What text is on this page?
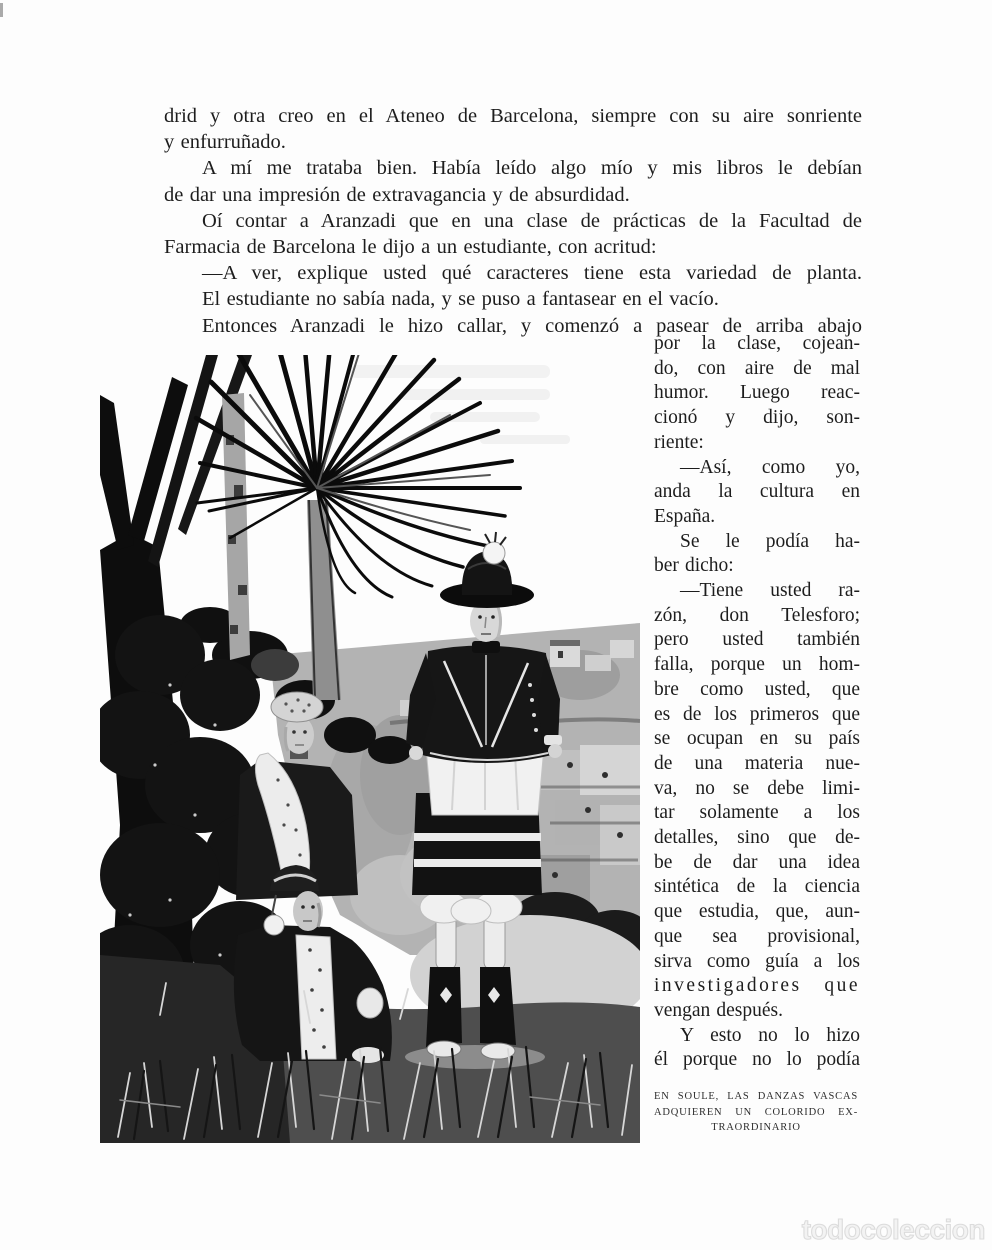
drid y otra creo en el Ateneo de Barcelona, siempre con su aire sonriente
y enfurruñado.
A mí me trataba bien. Había leído algo mío y mis libros le debían
de dar una impresión de extravagancia y de absurdidad.
Oí contar a Aranzadi que en una clase de prácticas de la Facultad de
Farmacia de Barcelona le dijo a un estudiante, con acritud:
—A ver, explique usted qué caracteres tiene esta variedad de planta.
El estudiante no sabía nada, y se puso a fantasear en el vacío.
Entonces Aranzadi le hizo callar, y comenzó a pasear de arriba abajo
por la clase, cojean-
do, con aire de mal
humor. Luego reac-
cionó y dijo, son-
riente:
—Así, como yo,
anda la cultura en
España.
Se le podía ha-
ber dicho:
—Tiene usted ra-
zón, don Telesforo;
pero usted también
falla, porque un hom-
bre como usted, que
es de los primeros que
se ocupan en su país
de una materia nue-
va, no se debe limi-
tar solamente a los
detalles, sino que de-
be de dar una idea
sintética de la ciencia
que estudia, que, aun-
que sea provisional,
sirva como guía a los
investigadores que
vengan después.
Y esto no lo hizo
él porque no lo podía
EN SOULE, LAS DANZAS VASCAS
ADQUIEREN UN COLORIDO EX-
TRAORDINARIO
todocoleccion
